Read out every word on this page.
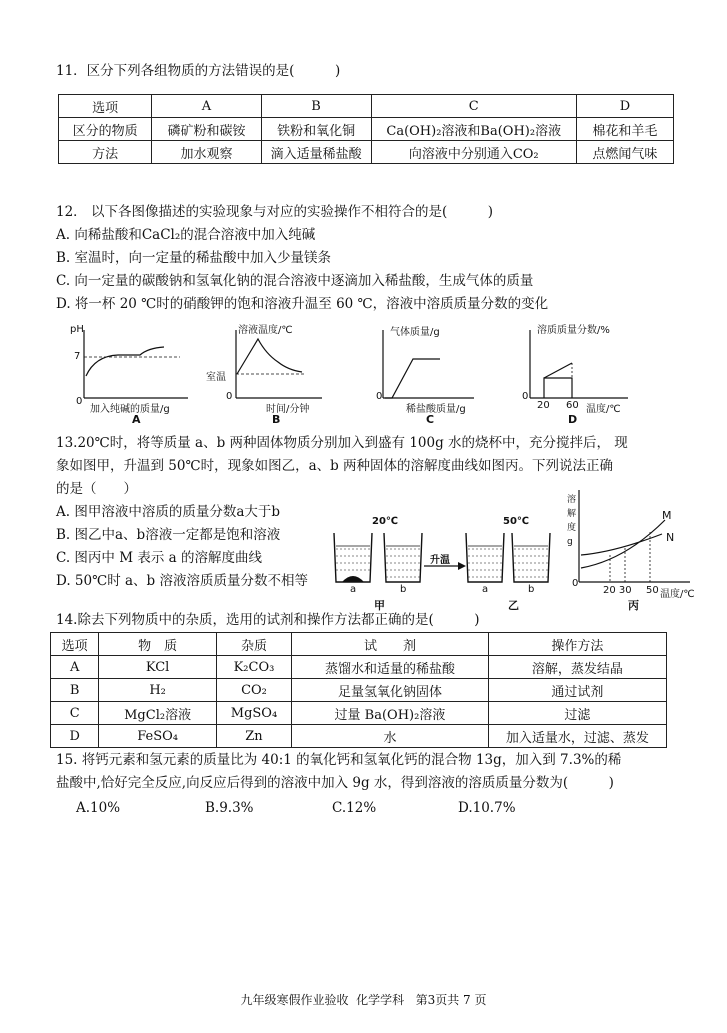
11．区分下列各组物质的方法错误的是(　　　)
选项	A	B	C	D
区分的物质	磷矿粉和碳铵	铁粉和氧化铜	Ca(OH)₂溶液和Ba(OH)₂溶液	棉花和羊毛
方法	加水观察	滴入适量稀盐酸	向溶液中分别通入CO₂	点燃闻气味
12． 以下各图像描述的实验现象与对应的实验操作不相符合的是(　　　)
A. 向稀盐酸和CaCl₂的混合溶液中加入纯碱
B. 室温时，向一定量的稀盐酸中加入少量镁条
C. 向一定量的碳酸钠和氢氧化钠的混合溶液中逐滴加入稀盐酸，生成气体的质量
D. 将一杯 20 ℃时的硝酸钾的饱和溶液升温至 60 ℃，溶液中溶质质量分数的变化
pH
7
0
加入纯碱的质量/g
A
溶液温度/℃
室温
0
时间/分钟
B
气体质量/g
0
稀盐酸质量/g
C
溶质质量分数/%
0
20 60 温度/℃
D
13.20℃时，将等质量 a、b 两种固体物质分别加入到盛有 100g 水的烧杯中，充分搅拌后， 现
象如图甲，升温到 50℃时，现象如图乙，a、b 两种固体的溶解度曲线如图丙。下列说法正确
的是（　　）
A. 图甲溶液中溶质的质量分数a大于b
B. 图乙中a、b溶液一定都是饱和溶液
C. 图丙中 M 表示 a 的溶解度曲线
D. 50℃时 a、b 溶液溶质质量分数不相等
20℃	50℃
升温
a	b	a	b
甲	乙
溶解度g
M
N
0
20 30 50 温度/℃
丙
14.除去下列物质中的杂质，选用的试剂和操作方法都正确的是(　　　)
选项	物　质	杂质	试　　剂	操作方法
A	KCl	K₂CO₃	蒸馏水和适量的稀盐酸	溶解，蒸发结晶
B	H₂	CO₂	足量氢氧化钠固体	通过试剂
C	MgCl₂溶液	MgSO₄	过量 Ba(OH)₂溶液	过滤
D	FeSO₄	Zn	水	加入适量水，过滤、蒸发
15. 将钙元素和氢元素的质量比为 40:1 的氧化钙和氢氧化钙的混合物 13g，加入到 7.3%的稀
盐酸中,恰好完全反应,向反应后得到的溶液中加入 9g 水，得到溶液的溶质质量分数为(　　　)
A.10%	B.9.3%	C.12%	D.10.7%
九年级寒假作业验收  化学学科   第3页共 7 页
